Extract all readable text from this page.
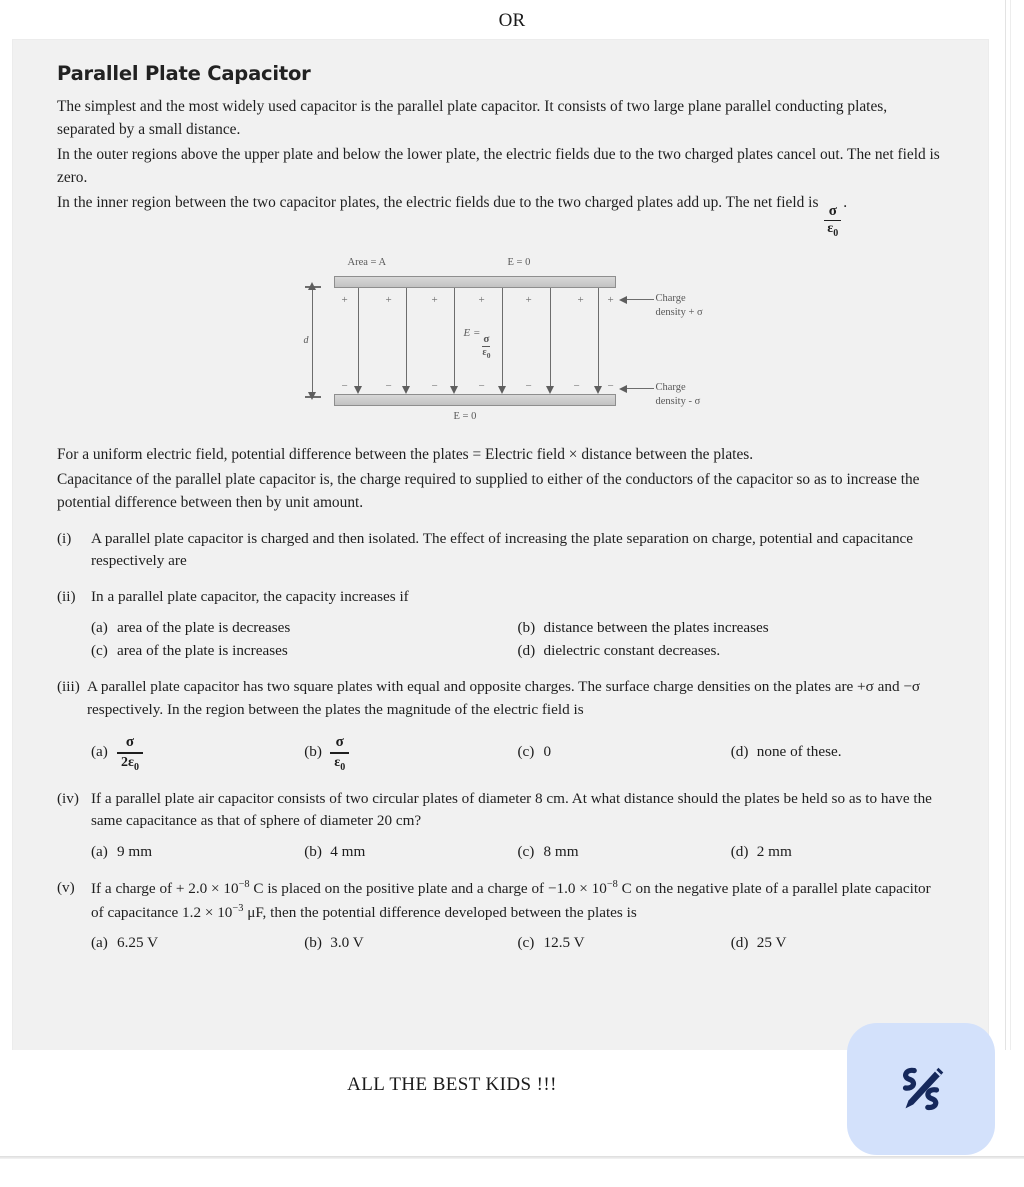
OR
Parallel Plate Capacitor

The simplest and the most widely used capacitor is the parallel plate capacitor. It consists of two large plane parallel conducting plates, separated by a small distance.

In the outer regions above the upper plate and below the lower plate, the electric fields due to the two charged plates cancel out. The net field is zero.

In the inner region between the two capacitor plates, the electric fields due to the two charged plates add up. The net field is
$\frac{\sigma}{\varepsilon_0}$
.

Area = A	E = 0
d
+	+	+	+	+	+ +
−	−	−	−	−	−	−
E =
$\frac{\sigma}{\varepsilon_0}$
Charge
density + σ
Charge
density - σ
E = 0

For a uniform electric field, potential difference between the plates = Electric field × distance between the plates.

Capacitance of the parallel plate capacitor is, the charge required to supplied to either of the conductors of the capacitor so as to increase the potential difference between then by unit amount.

(i)	A parallel plate capacitor is charged and then isolated. The effect of increasing the plate separation on charge, potential and capacitance respectively are
(ii)	In a parallel plate capacitor, the capacity increases if
(a) area of the plate is decreases	(b) distance between the plates increases
(c) area of the plate is increases	(d) dielectric constant decreases.
(iii) A parallel plate capacitor has two square plates with equal and opposite charges. The surface charge densities on the plates are +σ and −σ respectively. In the region between the plates the magnitude of the electric field is
$(a) \frac{\sigma}{2\varepsilon_0}$	$(b) \frac{\sigma}{\varepsilon_0}$	(c) 0	(d) none of these.
(iv) If a parallel plate air capacitor consists of two circular plates of diameter 8 cm. At what distance should the plates be held so as to have the same capacitance as that of sphere of diameter 20 cm?
(a) 9 mm	(b) 4 mm	(c) 8 mm	(d) 2 mm
(v)	If a charge of + $2.0 \times 10^{-8}$ C is placed on the positive plate and a charge of $-1.0 \times 10^{-8}$ C on the negative plate of a parallel plate capacitor of capacitance $1.2 \times 10^{-3}$ μF, then the potential difference developed between the plates is
(a) 6.25 V	(b) 3.0 V	(c) 12.5 V	(d) 25 V
ALL THE BEST KIDS !!!
